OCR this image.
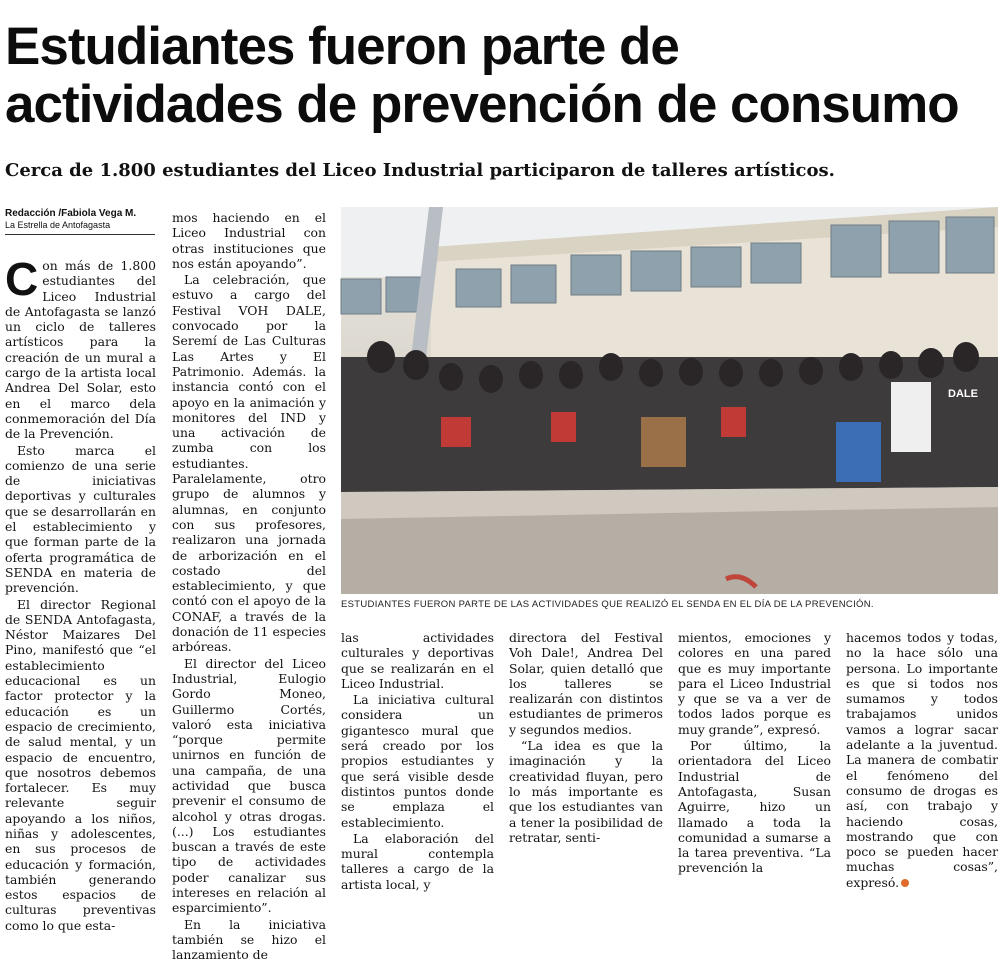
Estudiantes fueron parte de
actividades de prevención de consumo

Cerca de 1.800 estudiantes del Liceo Industrial participaron de talleres artísticos.

Redacción /Fabiola Vega M.
La Estrella de Antofagasta

Con más de 1.800 estudiantes del Liceo Industrial de Antofagasta se lanzó un ciclo de talleres artísticos para la creación de un mural a cargo de la artista local Andrea Del Solar, esto en el marco dela conmemoración del Día de la Prevención.

Esto marca el comienzo de una serie de iniciativas deportivas y culturales que se desarrollarán en el establecimiento y que forman parte de la oferta programática de SENDA en materia de prevención.

El director Regional de SENDA Antofagasta, Néstor Maizares Del Pino, manifestó que “el establecimiento educacional es un factor protector y la educación es un espacio de crecimiento, de salud mental, y un espacio de encuentro, que nosotros debemos fortalecer. Es muy relevante seguir apoyando a los niños, niñas y adolescentes, en sus procesos de educación y formación, también generando estos espacios de culturas preventivas como lo que esta-

mos haciendo en el Liceo Industrial con otras instituciones que nos están apoyando”.

La celebración, que estuvo a cargo del Festival VOH DALE, convocado por la Seremí de Las Culturas Las Artes y El Patrimonio. Además. la instancia contó con el apoyo en la animación y monitores del IND y una activación de zumba con los estudiantes. Paralelamente, otro grupo de alumnos y alumnas, en conjunto con sus profesores, realizaron una jornada de arborización en el costado del establecimiento, y que contó con el apoyo de la CONAF, a través de la donación de 11 especies arbóreas.

El director del Liceo Industrial, Eulogio Gordo Moneo, Guillermo Cortés, valoró esta iniciativa “porque permite unirnos en función de una campaña, de una actividad que busca prevenir el consumo de alcohol y otras drogas. (...) Los estudiantes buscan a través de este tipo de actividades poder canalizar sus intereses en relación al esparcimiento”.

En la iniciativa también se hizo el lanzamiento de

DALE

ESTUDIANTES FUERON PARTE DE LAS ACTIVIDADES QUE REALIZÓ EL SENDA EN EL DÍA DE LA PREVENCIÓN.

las actividades culturales y deportivas que se realizarán en el Liceo Industrial.

La iniciativa cultural considera un gigantesco mural que será creado por los propios estudiantes y que será visible desde distintos puntos donde se emplaza el establecimiento.

La elaboración del mural contempla talleres a cargo de la artista local, y

directora del Festival Voh Dale!, Andrea Del Solar, quien detalló que los talleres se realizarán con distintos estudiantes de primeros y segundos medios.

“La idea es que la imaginación y la creatividad fluyan, pero lo más importante es que los estudiantes van a tener la posibilidad de retratar, senti-

mientos, emociones y colores en una pared que es muy importante para el Liceo Industrial y que se va a ver de todos lados porque es muy grande”, expresó.

Por último, la orientadora del Liceo Industrial de Antofagasta, Susan Aguirre, hizo un llamado a toda la comunidad a sumarse a la tarea preventiva. “La prevención la

hacemos todos y todas, no la hace sólo una persona. Lo importante es que si todos nos sumamos y todos trabajamos unidos vamos a lograr sacar adelante a la juventud. La manera de combatir el fenómeno del consumo de drogas es así, con trabajo y haciendo cosas, mostrando que con poco se pueden hacer muchas cosas”, expresó.
